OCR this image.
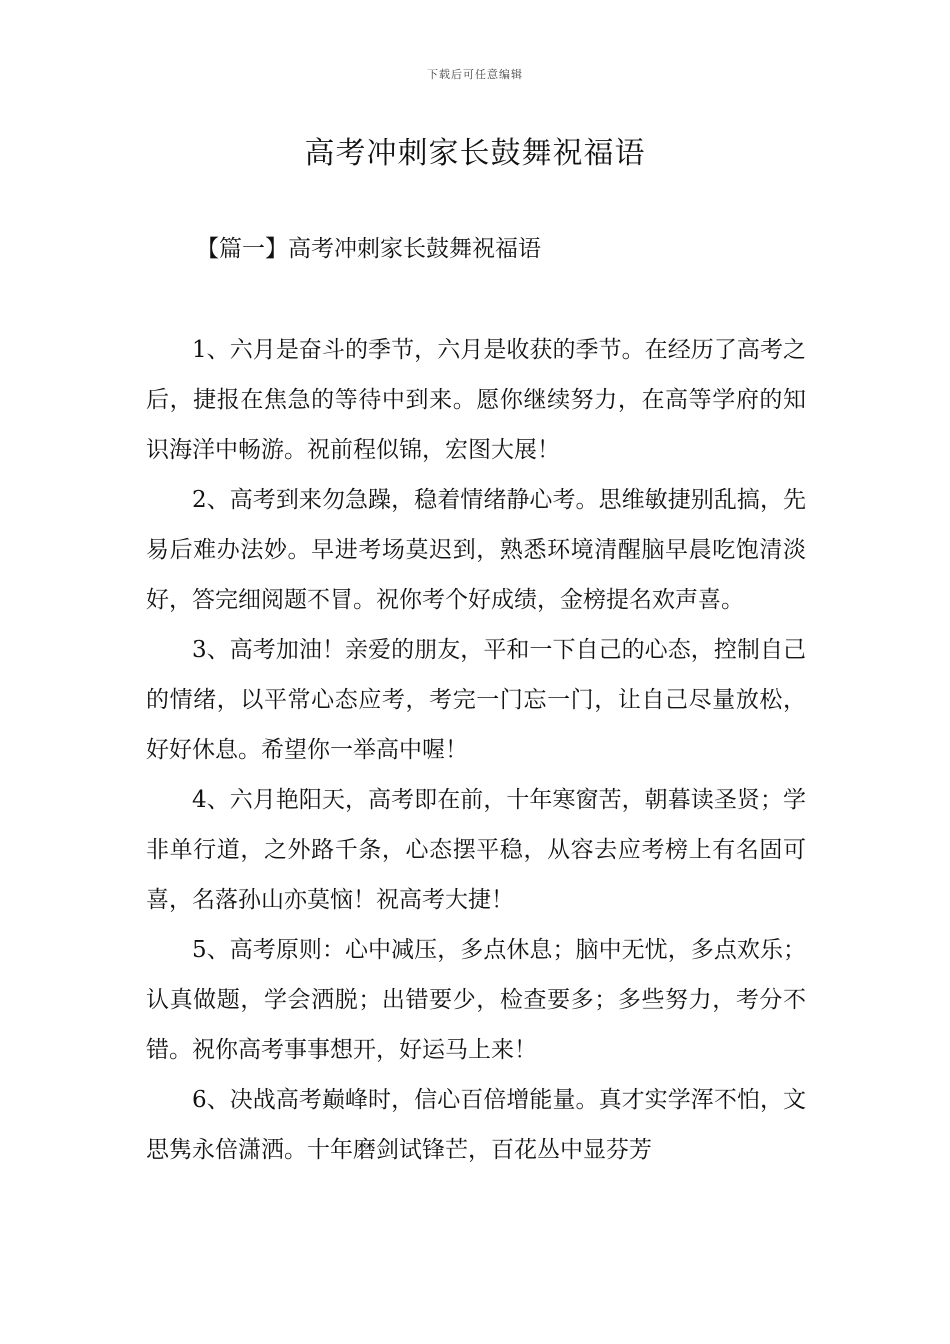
下载后可任意编辑
高考冲刺家长鼓舞祝福语
【篇一】高考冲刺家长鼓舞祝福语

1、六月是奋斗的季节，六月是收获的季节。在经历了高考之后，捷报在焦急的等待中到来。愿你继续努力，在高等学府的知识海洋中畅游。祝前程似锦，宏图大展！

2、高考到来勿急躁，稳着情绪静心考。思维敏捷别乱搞，先易后难办法妙。早进考场莫迟到，熟悉环境清醒脑早晨吃饱清淡好，答完细阅题不冒。祝你考个好成绩，金榜提名欢声喜。

3、高考加油！亲爱的朋友，平和一下自己的心态，控制自己的情绪，以平常心态应考，考完一门忘一门，让自己尽量放松，好好休息。希望你一举高中喔！

4、六月艳阳天，高考即在前，十年寒窗苦，朝暮读圣贤；学非单行道，之外路千条，心态摆平稳，从容去应考榜上有名固可喜，名落孙山亦莫恼！祝高考大捷！

5、高考原则：心中减压，多点休息；脑中无忧，多点欢乐；认真做题，学会洒脱；出错要少，检查要多；多些努力，考分不错。祝你高考事事想开，好运马上来！

6、决战高考巅峰时，信心百倍增能量。真才实学浑不怕，文思隽永倍潇洒。十年磨剑试锋芒，百花丛中显芬芳
